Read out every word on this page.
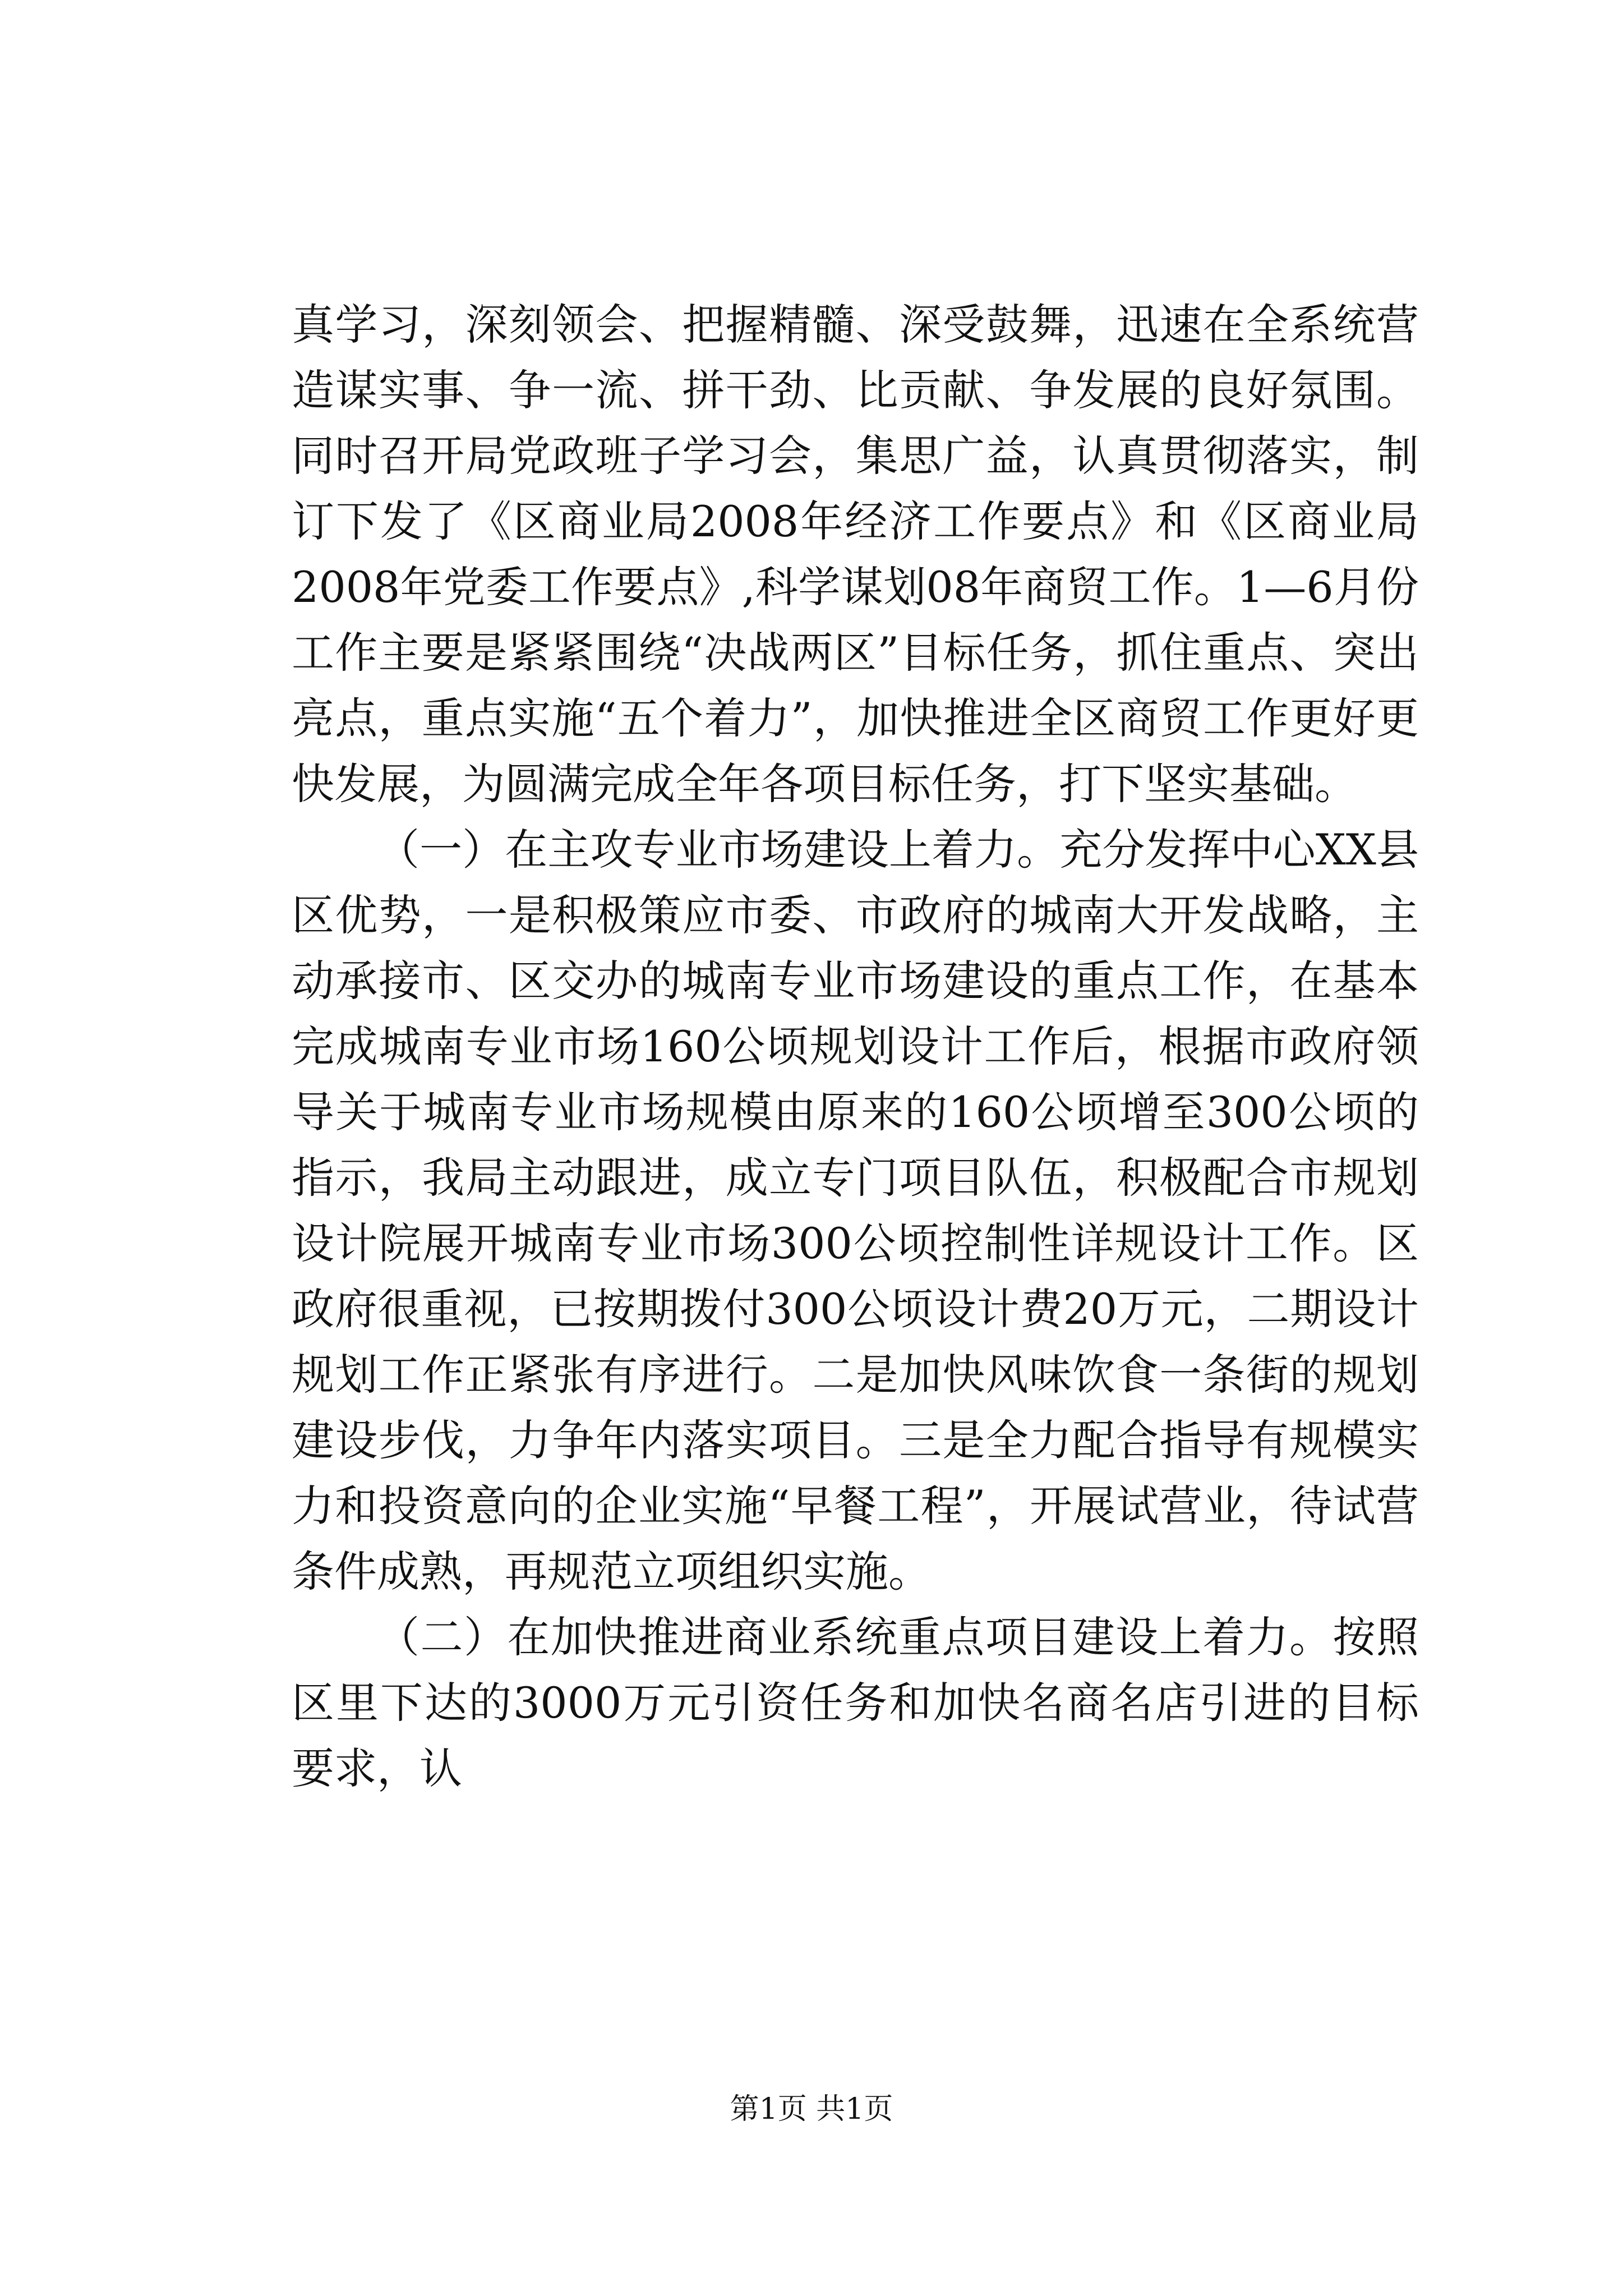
真学习，深刻领会、把握精髓、深受鼓舞，迅速在全系统营造谋实事、争一流、拼干劲、比贡献、争发展的良好氛围。同时召开局党政班子学习会，集思广益，认真贯彻落实，制订下发了《区商业局2008年经济工作要点》和《区商业局2008年党委工作要点》,科学谋划08年商贸工作。1—6月份工作主要是紧紧围绕“决战两区”目标任务，抓住重点、突出亮点，重点实施“五个着力”，加快推进全区商贸工作更好更快发展，为圆满完成全年各项目标任务，打下坚实基础。

（一）在主攻专业市场建设上着力。充分发挥中心XX县区优势，一是积极策应市委、市政府的城南大开发战略，主动承接市、区交办的城南专业市场建设的重点工作，在基本完成城南专业市场160公顷规划设计工作后，根据市政府领导关于城南专业市场规模由原来的160公顷增至300公顷的指示，我局主动跟进，成立专门项目队伍，积极配合市规划设计院展开城南专业市场300公顷控制性详规设计工作。区政府很重视，已按期拨付300公顷设计费20万元，二期设计规划工作正紧张有序进行。二是加快风味饮食一条街的规划建设步伐，力争年内落实项目。三是全力配合指导有规模实力和投资意向的企业实施“早餐工程”，开展试营业，待试营条件成熟，再规范立项组织实施。

（二）在加快推进商业系统重点项目建设上着力。按照区里下达的3000万元引资任务和加快名商名店引进的目标要求，认

第1页 共1页
